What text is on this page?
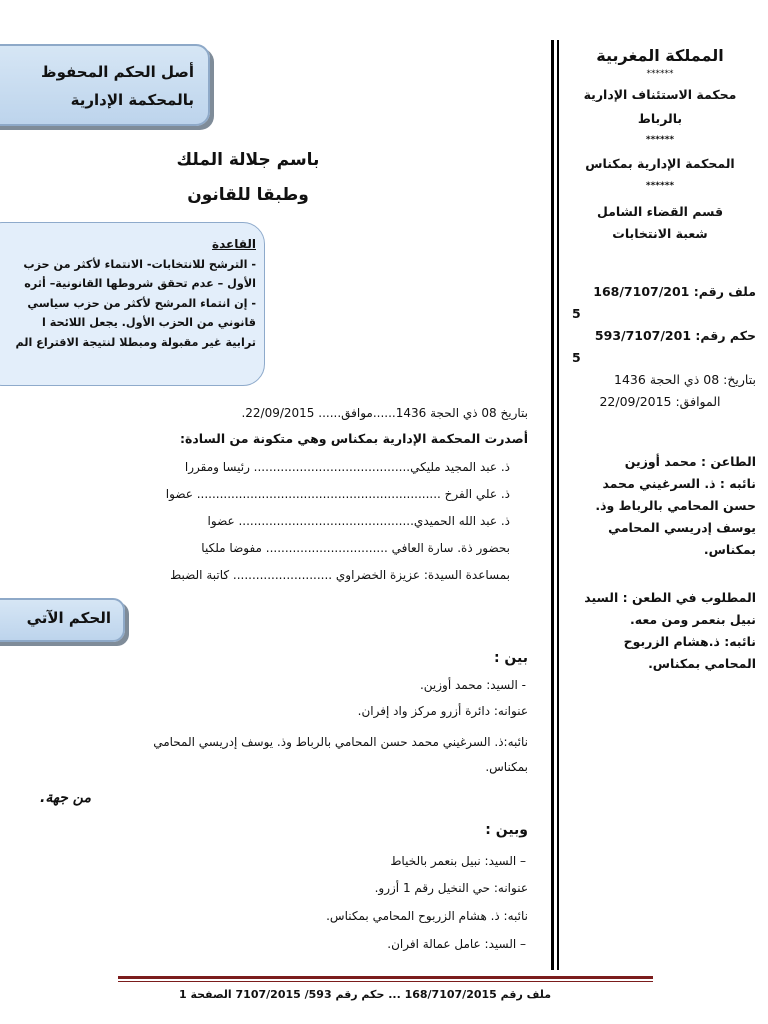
المملكة المغربية
******
محكمة الاستئناف الإدارية
بالرباط
******
المحكمة الإدارية بمكناس
******
قسم القضاء الشامل
شعبة الانتخابات
ملف رقم: 168/7107/201
5
حكم رقم: 593/7107/201
5
بتاريخ: 08 ذي الحجة 1436
الموافق: 22/09/2015
الطاعن : محمد أوزين
نائبه : ذ. السرغيني محمد
حسن المحامي بالرباط وذ.
يوسف إدريسي المحامي
بمكناس.
المطلوب في الطعن : السيد
نبيل بنعمر ومن معه.
نائبه: ذ.هشام الزربوح
المحامي بمكناس.
أصل الحكم المحفوظ
بالمحكمة الإدارية
باسم جلالة الملك
وطبقا للقانون
القاعدة

- الترشح للانتخابات- الانتماء لأكثر من حزب

الأول – عدم تحقق شروطها القانونية– أثره

- إن انتماء المرشح لأكثر من حزب سياسي

قانوني من الحزب الأول. يجعل اللائحة ا

ترابية غير مقبولة ومبطلا لنتيجة الاقتراع الم

بتاريخ 08 ذي الحجة 1436......موافق...... 22/09/2015.
أصدرت المحكمة الإدارية بمكناس وهي متكونة من السادة:
ذ. عبد المجيد مليكي......................................... رئيسا ومقررا
ذ. علي الفرخ ................................................................ عضوا
ذ. عبد الله الحميدي.............................................. عضوا
بحضور ذة. سارة العافي ................................ مفوضا ملكيا
بمساعدة السيدة: عزيزة الخضراوي .......................... كاتبة الضبط
الحكم الآتي
بين :
- السيد: محمد أوزين.
عنوانه: دائرة أزرو مركز واد إفران.
نائبه:ذ. السرغيني محمد حسن المحامي بالرباط وذ. يوسف إدريسي المحامي
بمكناس.
من جهة.
وبين :
– السيد: نبيل بنعمر بالخياط
عنوانه: حي النخيل رقم 1 أزرو.
نائبه: ذ. هشام الزربوح المحامي بمكناس.
– السيد: عامل عمالة افران.
ملف رقم 168/7107/2015 ... حكم رقم 593/ 7107/2015 الصفحة 1
